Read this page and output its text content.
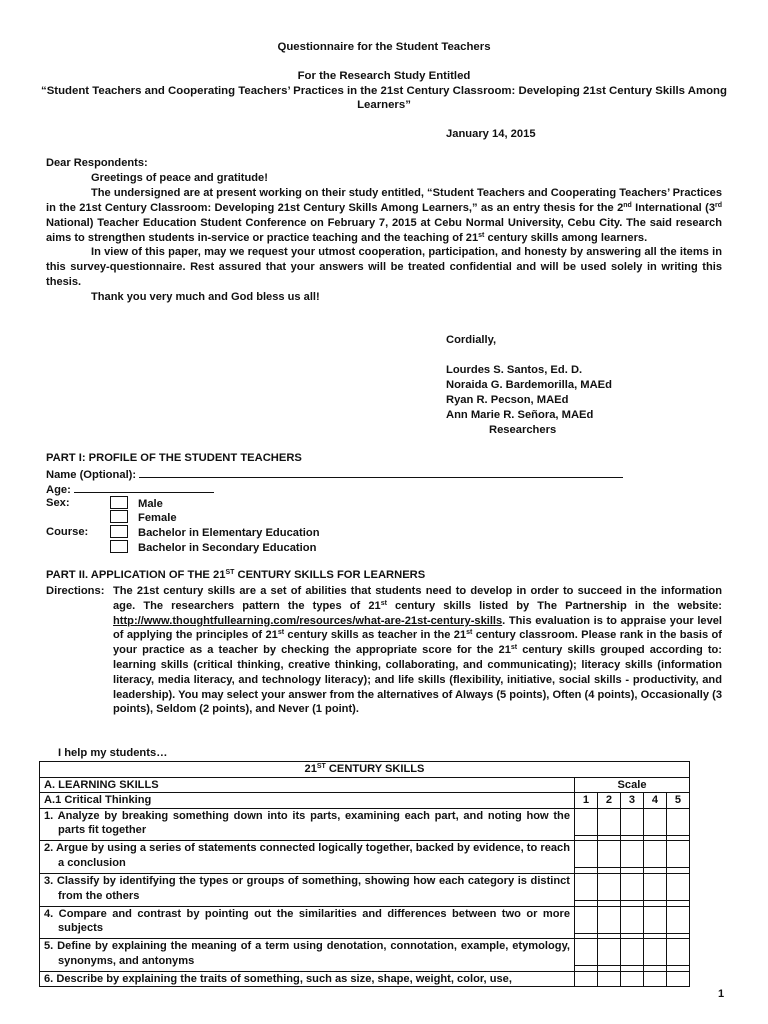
Questionnaire for the Student Teachers
For the Research Study Entitled
“Student Teachers and Cooperating Teachers’ Practices in the 21st Century Classroom: Developing 21st Century Skills Among Learners”
January 14, 2015

Dear Respondents:

Greetings of peace and gratitude!

The undersigned are at present working on their study entitled, “Student Teachers and Cooperating Teachers’ Practices in the 21st Century Classroom: Developing 21st Century Skills Among Learners,” as an entry thesis for the 2nd International (3rd National) Teacher Education Student Conference on February 7, 2015 at Cebu Normal University, Cebu City. The said research aims to strengthen students in-service or practice teaching and the teaching of 21st century skills among learners.

In view of this paper, may we request your utmost cooperation, participation, and honesty by answering all the items in this survey-questionnaire. Rest assured that your answers will be treated confidential and will be used solely in writing this thesis.

Thank you very much and God bless us all!

Cordially,
Lourdes S. Santos, Ed. D.
Noraida G. Bardemorilla, MAEd
Ryan R. Pecson, MAEd
Ann Marie R. Señora, MAEd
Researchers
PART I: PROFILE OF THE STUDENT TEACHERS
Name (Optional):
Age:
Sex:	Male
Female
Course:	Bachelor in Elementary Education
Bachelor in Secondary Education
PART II. APPLICATION OF THE 21ST CENTURY SKILLS FOR LEARNERS
Directions: The 21st century skills are a set of abilities that students need to develop in order to succeed in the information age. The researchers pattern the types of 21st century skills listed by The Partnership in the website: http://www.thoughtfullearning.com/resources/what-are-21st-century-skills. This evaluation is to appraise your level of applying the principles of 21st century skills as teacher in the 21st century classroom. Please rank in the basis of your practice as a teacher by checking the appropriate score for the 21st century skills grouped according to: learning skills (critical thinking, creative thinking, collaborating, and communicating); literacy skills (information literacy, media literacy, and technology literacy); and life skills (flexibility, initiative, social skills - productivity, and leadership). You may select your answer from the alternatives of Always (5 points), Often (4 points), Occasionally (3 points), Seldom (2 points), and Never (1 point).
I help my students…
21ST CENTURY SKILLS					
A. LEARNING SKILLS	Scale				
A.1 Critical Thinking	1	2	3	4	5
1. Analyze by breaking something down into its parts, examining each part, and noting how the parts fit together					
2. Argue by using a series of statements connected logically together, backed by evidence, to reach a conclusion					
3. Classify by identifying the types or groups of something, showing how each category is distinct from the others					
4. Compare and contrast by pointing out the similarities and differences between two or more subjects					
5. Define by explaining the meaning of a term using denotation, connotation, example, etymology, synonyms, and antonyms					
6. Describe by explaining the traits of something, such as size, shape, weight, color, use,					
1
